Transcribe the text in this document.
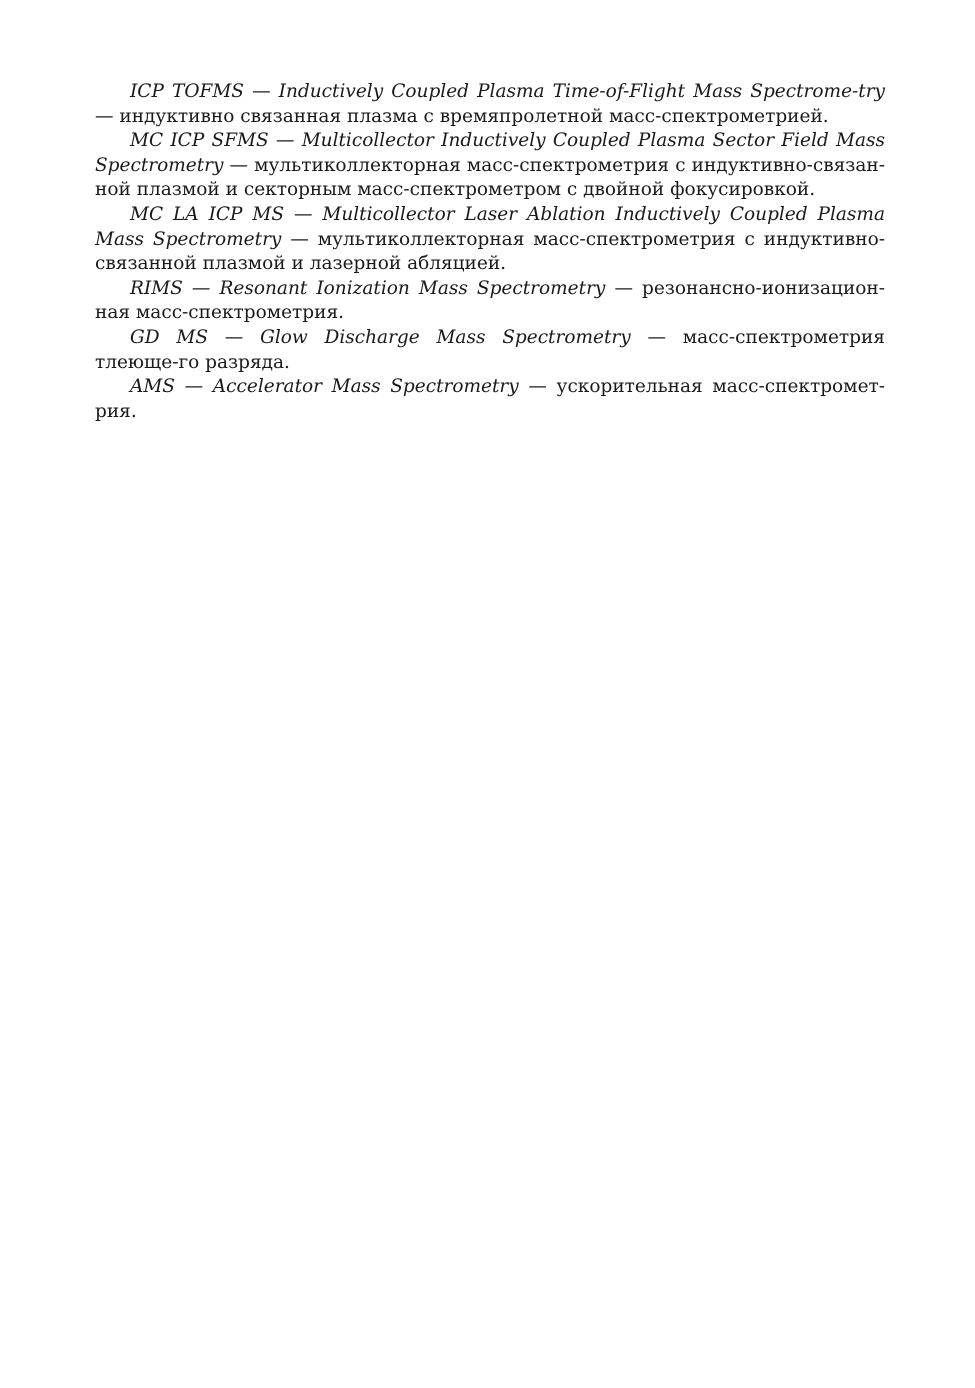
ICP TOFMS — Inductively Coupled Plasma Time-of-Flight Mass Spectrome-try — индуктивно связанная плазма с времяпролетной масс-спектрометрией.

MC ICP SFMS — Multicollector Inductively Coupled Plasma Sector Field Mass Spectrometry — мультиколлекторная масс-спектрометрия с индуктивно-связан-ной плазмой и секторным масс-спектрометром с двойной фокусировкой.

MC LA ICP MS — Multicollector Laser Ablation Inductively Coupled Plasma Mass Spectrometry — мультиколлекторная масс-спектрометрия с индуктивно-связанной плазмой и лазерной абляцией.

RIMS — Resonant Ionization Mass Spectrometry — резонансно-ионизацион-ная масс-спектрометрия.

GD MS — Glow Discharge Mass Spectrometry — масс-спектрометрия тлеюще-го разряда.

AMS — Accelerator Mass Spectrometry — ускорительная масс-спектромет-рия.
